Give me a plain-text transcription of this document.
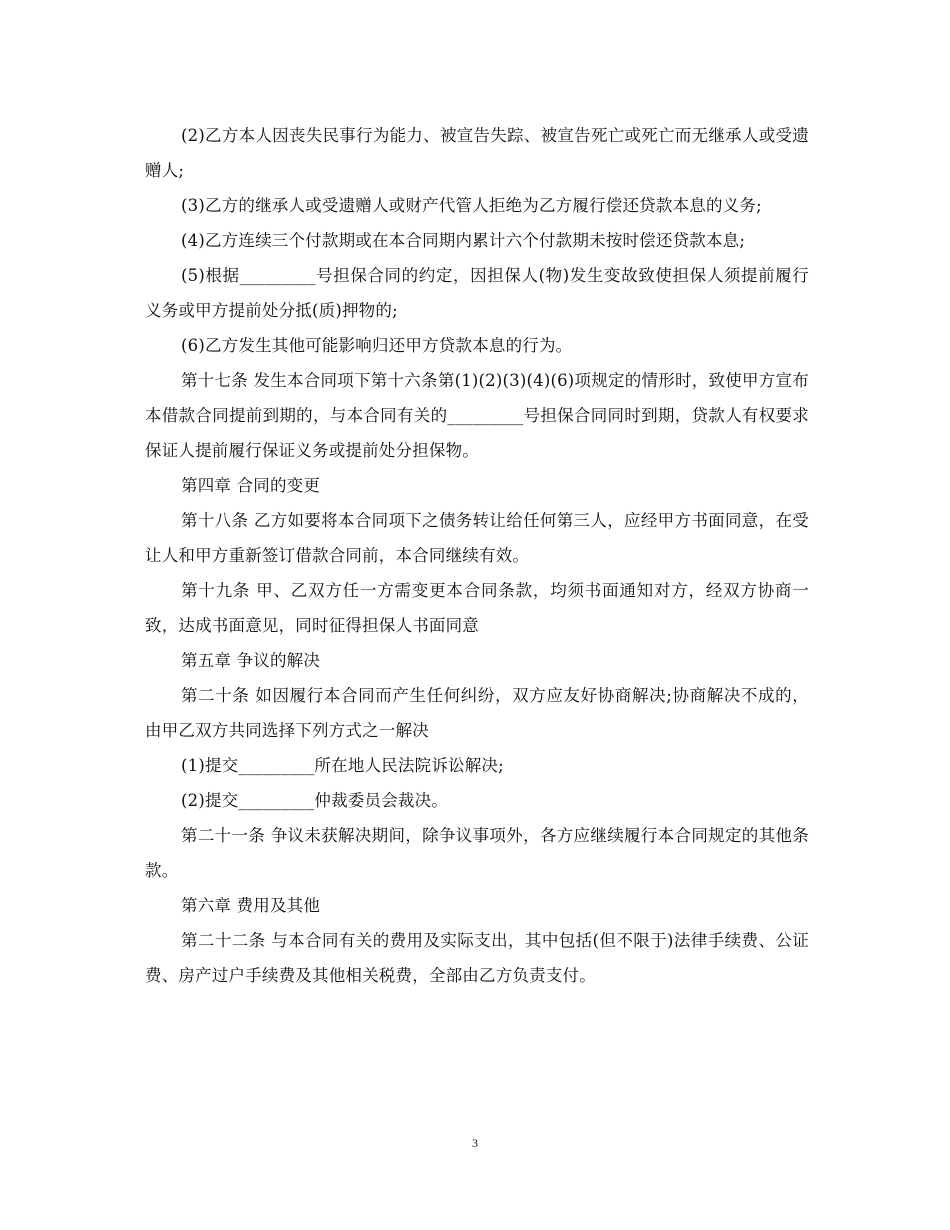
(2)乙方本人因丧失民事行为能力、被宣告失踪、被宣告死亡或死亡而无继承人或受遗赠人;

(3)乙方的继承人或受遗赠人或财产代管人拒绝为乙方履行偿还贷款本息的义务;

(4)乙方连续三个付款期或在本合同期内累计六个付款期未按时偿还贷款本息;

(5)根据_________号担保合同的约定，因担保人(物)发生变故致使担保人须提前履行义务或甲方提前处分抵(质)押物的;

(6)乙方发生其他可能影响归还甲方贷款本息的行为。

第十七条 发生本合同项下第十六条第(1)(2)(3)(4)(6)项规定的情形时，致使甲方宣布本借款合同提前到期的，与本合同有关的_________号担保合同同时到期，贷款人有权要求保证人提前履行保证义务或提前处分担保物。

第四章 合同的变更

第十八条 乙方如要将本合同项下之债务转让给任何第三人，应经甲方书面同意，在受让人和甲方重新签订借款合同前，本合同继续有效。

第十九条 甲、乙双方任一方需变更本合同条款，均须书面通知对方，经双方协商一致，达成书面意见，同时征得担保人书面同意

第五章 争议的解决

第二十条 如因履行本合同而产生任何纠纷，双方应友好协商解决;协商解决不成的，由甲乙双方共同选择下列方式之一解决

(1)提交_________所在地人民法院诉讼解决;

(2)提交_________仲裁委员会裁决。

第二十一条 争议未获解决期间，除争议事项外，各方应继续履行本合同规定的其他条款。

第六章 费用及其他

第二十二条 与本合同有关的费用及实际支出，其中包括(但不限于)法律手续费、公证费、房产过户手续费及其他相关税费，全部由乙方负责支付。

3
